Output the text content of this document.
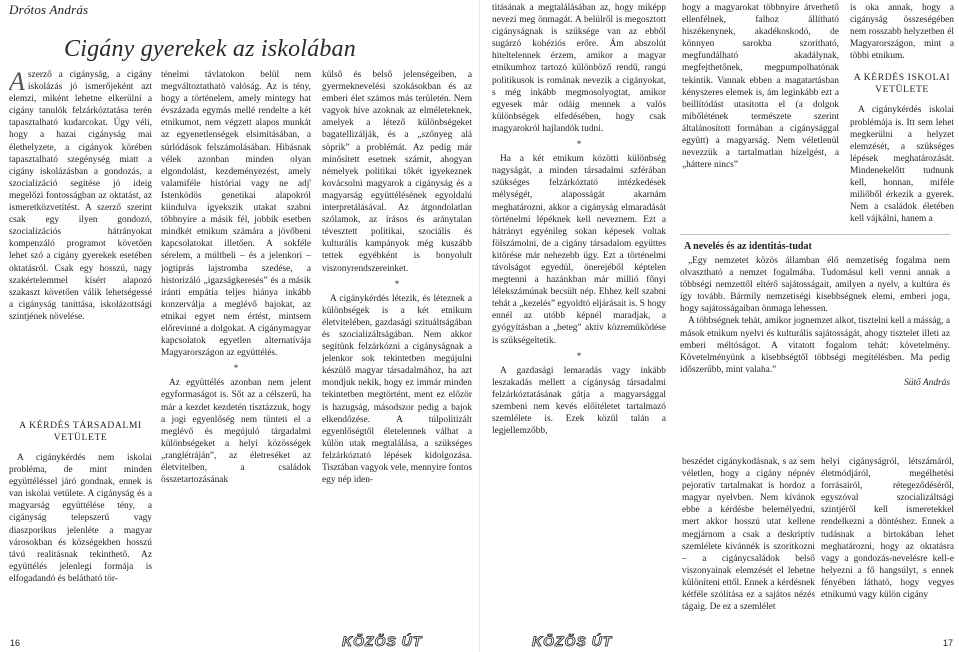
Drótos András
Cigány gyerekek az iskolában
Aszerző a cigányság, a cigány iskolázás jó ismerőjeként azt elemzi, miként lehetne elkerülni a cigány tanulók felzárkóztatása terén tapasztalható kudarcokat. Úgy véli, hogy a hazai cigányság mai élethelyzete, a cigányok körében tapasztalható szegénység miatt a cigány iskolázásban a gondozás, a szocializáció segítése jó ideig megelőzi fontosságban az oktatást, az ismeretközvetítést. A szerző szerint csak egy ilyen gondozó, szocializációs hátrányokat kompenzáló programot követően lehet szó a cigány gyerekek esetében oktatásról. Csak egy hosszú, nagy szakértelemmel kísért alapozó szakaszt követően válik lehetségessé a cigányság taníttása, iskolázottsági szintjének növelése.
A KÉRDÉS TÁRSADALMI VETÜLETE

A cigánykérdés nem iskolai probléma, de mint minden együttéléssel járó gondnak, ennek is van iskolai vetülete. A cigányság és a magyarság együttélése tény, a cigányság telepszerű vagy diaszporikus jelenléte a magyar városokban és községekben hosszú távú realitásnak tekinthető. Az együttélés jelenlegi formája is elfogadandó és belátható tör-

ténelmi távlatokon belül nem megváltoztatható valóság. Az is tény, hogy a történelem, amely mintegy hat évszázada egymás mellé rendelte a két etnikumot, nem végzett alapos munkát az egyenetlenségek elsimításában, a súrlódások felszámolásában. Hibásnak vélek azonban minden olyan elgondolást, kezdeményezést, amely valamiféle históriai vagy ne adj' Istenködös genetikai alapokról kiindulva igyekszik utakat szabni többnyire a másik fél, jobbik esetben mindkét etnikum számára a jövőbeni kapcsolatokat illetően. A sokféle sérelem, a múltbeli – és a jelenkori – jogtiprás lajstromba szedése, a historizáló „igazságkeresés” és a másik iránti empátia teljes hiánya inkább konzerválja a meglévő bajokat, az etnikai egyet nem értést, mintsem előrevinné a dolgokat. A cigánymagyar kapcsolatok egyetlen alternatívája Magyarországon az együttélés.

*

Az együttélés azonban nem jelent egyformaságot is. Sőt az a célszerű, ha már a kezdet kezdetén tisztázzuk, hogy a jogi egyenlőség nem tünteti el a meglévő és megújuló tárgadalmi különbségeket a helyi közösségek „ranglétráján”, az életreséket az életvitelben, a családok összetartozásának

külső és belső jelenségeiben, a gyermeknevelési szokásokban és az emberi élet számos más területén. Nem vagyok híve azoknak az elméleteknek, amelyek a létező különbségeket bagatellizálják, és a „szőnyeg alá söprik” a problémát. Az pedig már minősített esetnek számít, ahogyan némelyek politikai tőkét igyekeznek kovácsolni magyarok a cigányság és a magyarság együttélésének egyoldalú interpretálásával. Az átgondolatlan szólamok, az írásos és aránytalan tévesztett politikai, szociális és kulturális kampányok még kuszább tettek egyébként is bonyolult viszonyrendszereinket.

*

A cigánykérdés létezik, és léteznek a különbségek is a két etnikum életvitelében, gazdasági szituáltságában és szocializáltságában. Nem akkor segítünk felzárkózni a cigányságnak a jelenkor sok tekintetben megújulni készülő magyar társadalmához, ha azt mondjuk nekik, hogy ez immár minden tekintetben megtörtént, ment ez előzör is hazugság, másodszor pedig a bajok elkendőzése. A túlpolitizált egyenlőségtől életelennek válhat a külön utak megtalálása, a szükséges felzárkóztató lépések kidolgozása. Tisztában vagyok vele, mennyire fontos egy nép iden-

16	KÖZÖS ÚT

titásának a megtalálásában az, hogy miképp nevezi meg önmagát. A belülről is megosztott cigányságnak is szüksége van az ebből sugárzó kohéziós erőre. Ám abszolút hiteltelennek érzem, amikor a magyar etnikumhoz tartozó különböző rendű, rangú politikusok is romának nevezik a cigányokat, s még inkább megmosolyogtat, amikor egyesek már odáig mennek a valós különbségek elfedésében, hogy csak magyarokról hajlandók tudni.

*

Ha a két etnikum közötti különbség nagyságát, a minden társadalmi szférában szükséges felzárkóztató intézkedések mélységét, alaposságát akarnám meghatározni, akkor a cigányság elmaradását történelmi lépéknek kell neveznem. Ezt a hátrányt egyénileg sokan képesek voltak fölszámolni, de a cigány társadalom együttes kitörése már nehezebb ügy. Ezt a történelmi távolságot egyedül, önerejéből képtelen megtenni a hazánkban már millió főnyi lélekszámúnak becsült nép. Ehhez kell szabni tehát a „kezelés” egyoldtó eljárásait is. S hogy ennél az utóbb képnél maradjak, a gyógyításban a „beteg” aktív közreműködése is szükségeltetik.

*

A gazdasági lemaradás vagy inkább leszakadás mellett a cigányság társadalmi felzárkóztatásának gátja a magyarsággal szembeni nem kevés előítéletet tartalmazó szemlélete is. Ezek közül talán a legjellemzőbb,

hogy a magyarokat többnyire átverhető ellenfélnek, falhoz állítható hiszékenynek, akadékoskodó, de könnyen sarokba szorítható, megfundálható akadálynak, megfejthetőnek, megpumpolhatónak tekintik. Vannak ebben a magatartásban kényszeres elemek is, ám leginkább ezt a beillítódást utasította el (a dolgok mibőlétének természete szerint általánosított formában a cigánysággal együtt) a magyarság. Nem véletlenül nevezzük a tartalmatlan hízelgést, a „háttere nincs”

is oka annak, hogy a cigányság összeségében nem rosszabb helyzetben él Magyarországon, mint a többi etnikum.

A KÉRDÉS ISKOLAI VETÜLETE

A cigánykérdés iskolai problémája is. Itt sem lehet megkerülni a helyzet elemzését, a szükséges lépések meghatározását. Mindenekelőtt tudnunk kell, honnan, miféle miliőből érkezik a gyerek. Nem a családok életében kell vájkálni, hanem a

A nevelés és az identitás-tudat

„Egy nemzetet közös államban élő nemzetiség fogalma nem olvasztható a nemzet fogalmába. Tudomásul kell venni annak a többségi nemzettől eltérő sajátosságait, amilyen a nyelv, a kultúra és így tovább. Bármily nemzetiségi kisebbségnek elemi, emberi joga, hogy sajátosságaiban önmaga lehessen.

A többségnek tehát, amikor jognemzet alkot, tisztelni kell a másság, a mások etnikum nyelvi és kulturális sajátosságát, ahogy tisztelet illeti az emberi méltóságot. A vitatott fogalom tehát: követelmény. Követelményünk a kisebbségtől többségi megítélésben. Ma pedig időszerűbb, mint valaha.”

Sütő András

beszédet cigánykodásnak, s az sem véletlen, hogy a cigány népnév pejoratív tartalmakat is hordoz a magyar nyelvben. Nem kívánok ebbe a kérdésbe belemélyedni, mert akkor hosszú utat kellene megjárnom a csak a deskriptív szemlélete kívánnék is szorítkozni – a cigánycsaládok belső viszonyainak elemzését el lehetne különíteni ettől. Ennek a kérdésnek kétféle szólítása ez a sajátos nézés tágaig. De ez a szemlélet

helyi cigányságról, létszámáról, életmódjáról, megélhetési forrásairól, rétegeződéséről, egyszóval szocializáltsági szintjéről kell ismeretekkel rendelkezni a döntéshez. Ennek a tudásnak a birtokában lehet meghatározni, hogy az oktatásra vagy a gondozás-nevelésre kell-e helyezni a fő hangsúlyt, s ennek fényében látható, hogy vegyes etnikumú vagy külön cigány

KÖZÖS ÚT	17
